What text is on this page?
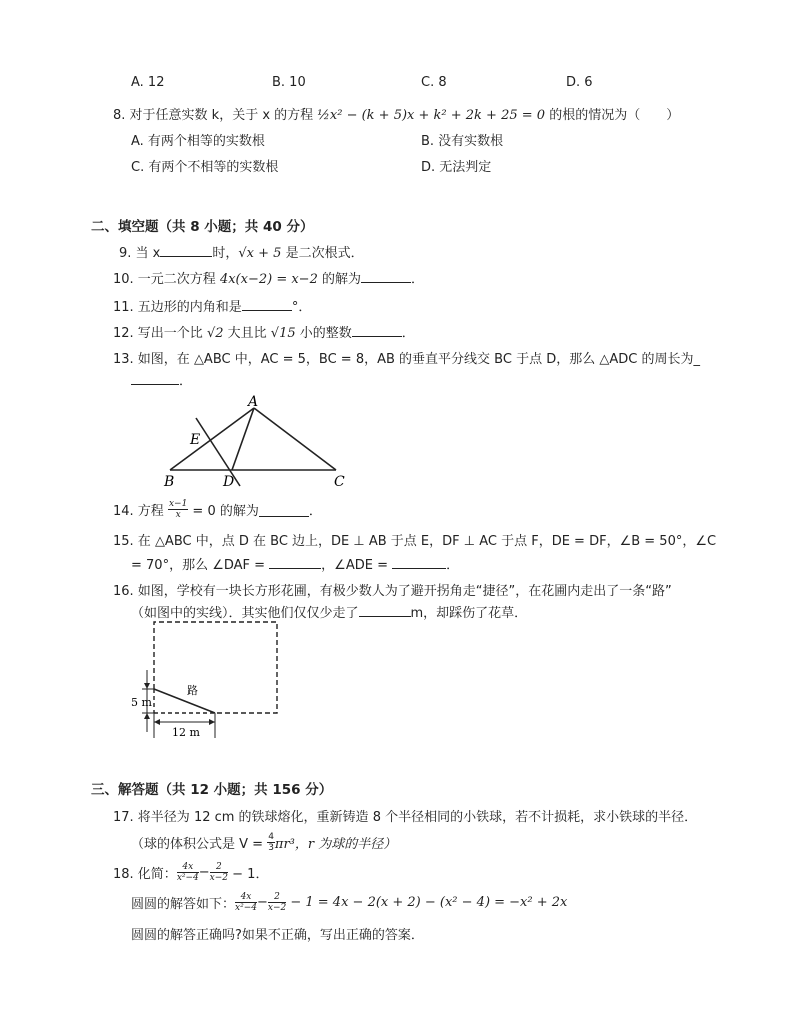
A. 12	B. 10	C. 8	D. 6
8. 对于任意实数 k，关于 x 的方程 ½x² − (k + 5)x + k² + 2k + 25 = 0 的根的情况为（　　）
A. 有两个相等的实数根	B. 没有实数根
C. 有两个不相等的实数根	D. 无法判定
二、填空题（共 8 小题；共 40 分）
9. 当 x	时，√x + 5 是二次根式．
10. 一元二次方程 4x(x−2) = x−2 的解为	．
11. 五边形的内角和是	°．
12. 写出一个比 √2 大且比 √15 小的整数	．
13. 如图，在 △ABC 中，AC = 5，BC = 8，AB 的垂直平分线交 BC 于点 D，那么 △ADC 的周长为_
．
A
B	C
D
E
14. 方程 $\frac{x-1}{x} = 0$ 的解为	．
15. 在 △ABC 中，点 D 在 BC 边上，DE ⊥ AB 于点 E，DF ⊥ AC 于点 F，DE = DF，∠B = 50°，∠C
= 70°，那么 ∠DAF =	，∠ADE =	．
16. 如图，学校有一块长方形花圃，有极少数人为了避开拐角走“捷径”，在花圃内走出了一条“路”
（如图中的实线）．其实他们仅仅少走了	m，却踩伤了花草．
路
5 m
12 m
三、解答题（共 12 小题；共 156 分）
17. 将半径为 12 cm 的铁球熔化，重新铸造 8 个半径相同的小铁球，若不计损耗，求小铁球的半径．
（球的体积公式是 $V = \frac{4}{3} \pi r^3$，r 为球的半径）
18. 化简： $\frac{4x}{\text{x²−4}} - \frac{2}{x-2} - 1$．
圆圆的解答如下： $\frac{4x}{\text{x²−4}} - \frac{2}{x-2} - 1 = 4x - 2(x + 2) - (x^2 - 4) = -x^2 + 2x$
圆圆的解答正确吗?如果不正确，写出正确的答案．
